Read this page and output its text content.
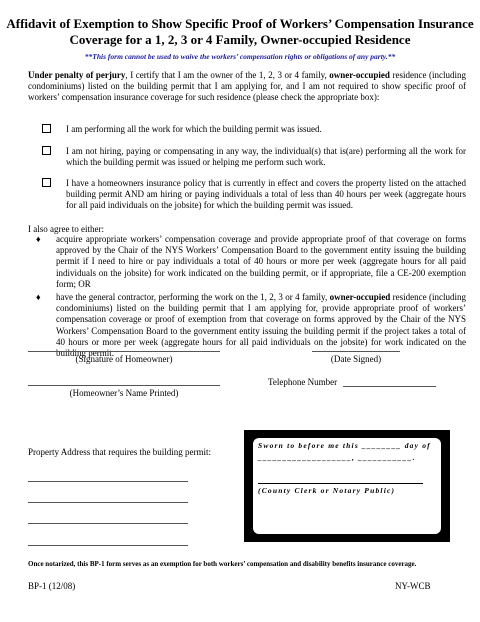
Affidavit of Exemption to Show Specific Proof of Workers’ Compensation Insurance
Coverage for a 1, 2, 3 or 4 Family, Owner-occupied Residence
**This form cannot be used to waive the workers’ compensation rights or obligations of any party.**
Under penalty of perjury, I certify that I am the owner of the 1, 2, 3 or 4 family, owner-occupied residence (including condominiums) listed on the building permit that I am applying for, and I am not required to show specific proof of workers’ compensation insurance coverage for such residence (please check the appropriate box):
I am performing all the work for which the building permit was issued.
I am not hiring, paying or compensating in any way, the individual(s) that is(are) performing all the work for which the building permit was issued or helping me perform such work.
I have a homeowners insurance policy that is currently in effect and covers the property listed on the attached building permit AND am hiring or paying individuals a total of less than 40 hours per week (aggregate hours for all paid individuals on the jobsite) for which the building permit was issued.
I also agree to either:
♦ acquire appropriate workers’ compensation coverage and provide appropriate proof of that coverage on forms approved by the Chair of the NYS Workers’ Compensation Board to the government entity issuing the building permit if I need to hire or pay individuals a total of 40 hours or more per week (aggregate hours for all paid individuals on the jobsite) for work indicated on the building permit, or if appropriate, file a CE-200 exemption form; OR
♦ have the general contractor, performing the work on the 1, 2, 3 or 4 family, owner-occupied residence (including condominiums) listed on the building permit that I am applying for, provide appropriate proof of workers’ compensation coverage or proof of exemption from that coverage on forms approved by the Chair of the NYS Workers’ Compensation Board to the government entity issuing the building permit if the project takes a total of 40 hours or more per week (aggregate hours for all paid individuals on the jobsite) for work indicated on the building permit.
(Signature of Homeowner)	(Date Signed)
(Homeowner’s Name Printed)
Telephone Number
Property Address that requires the building permit:
Sworn to before me this ________ day of
___________________, ___________.
(County Clerk or Notary Public)
Once notarized, this BP-1 form serves as an exemption for both workers’ compensation and disability benefits insurance coverage.
BP-1 (12/08)	NY-WCB
